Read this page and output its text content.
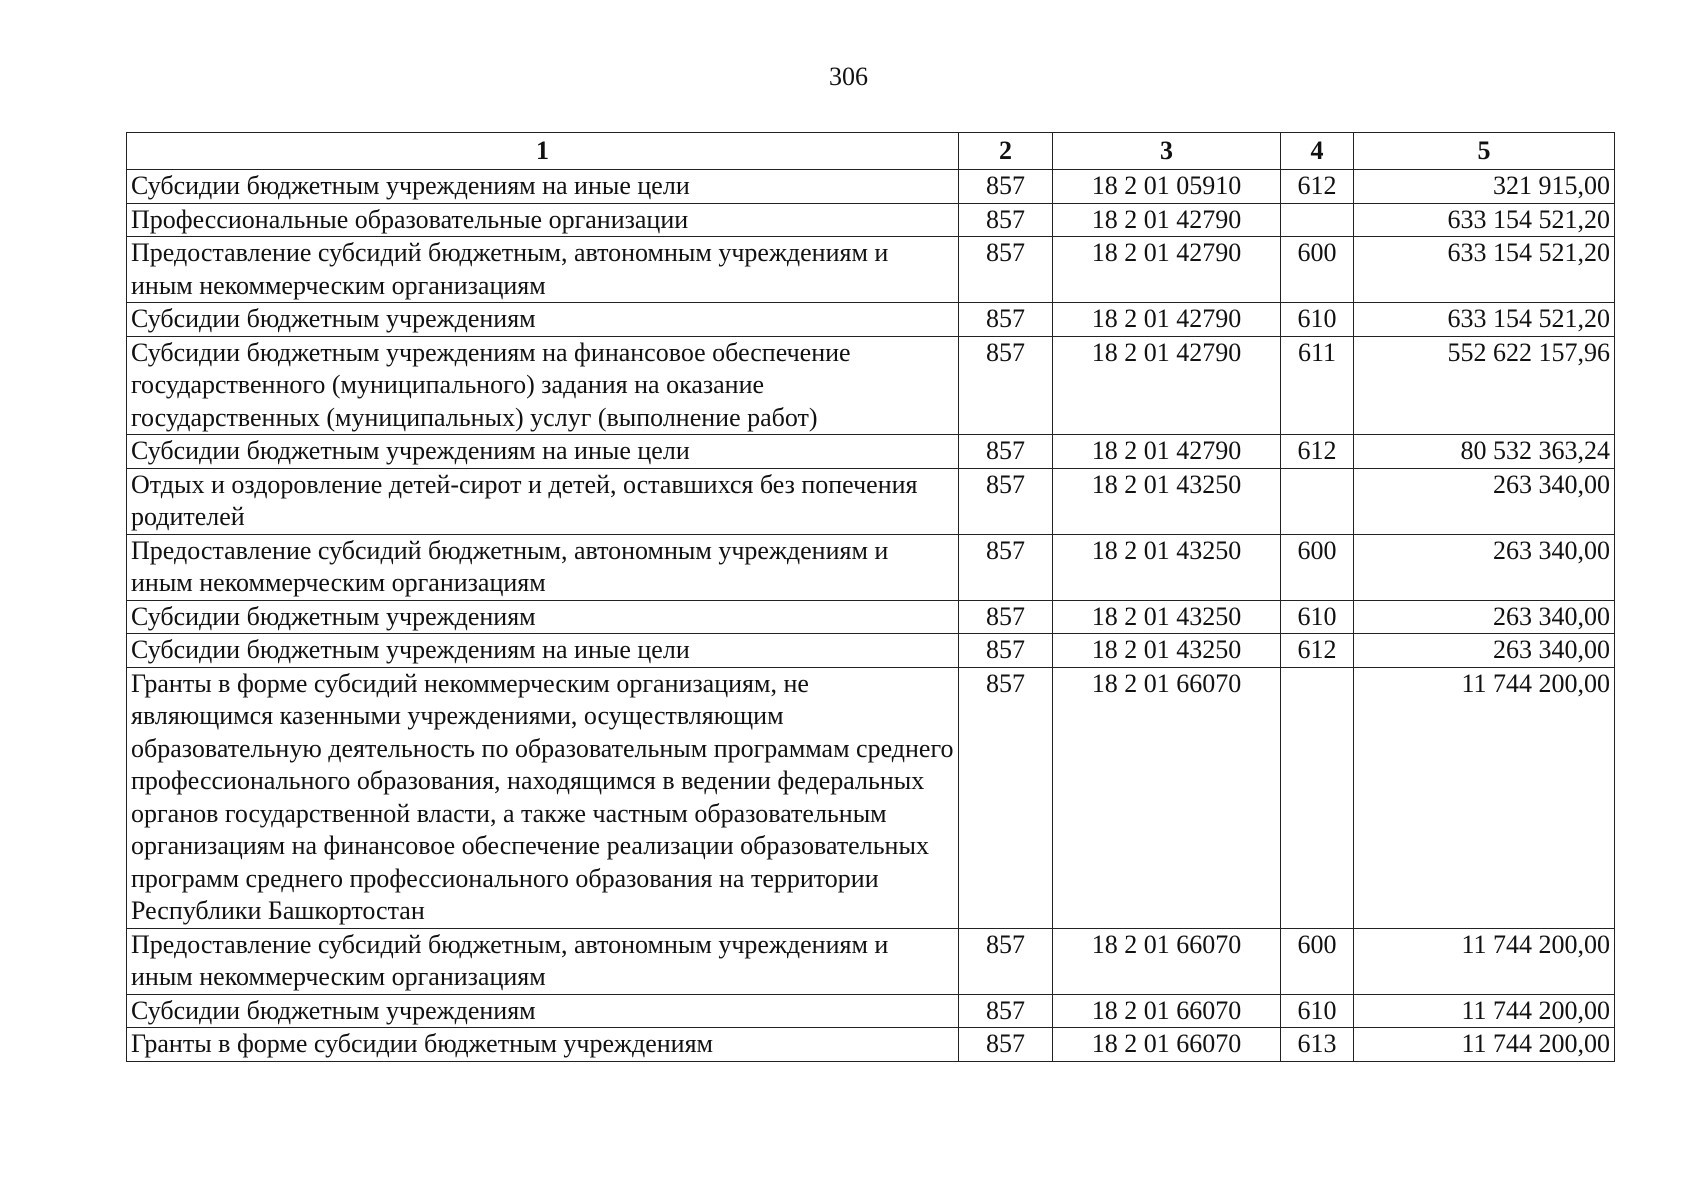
306
1	2	3	4	5
Субсидии бюджетным учреждениям на иные цели	857	18 2 01 05910	612	321 915,00
Профессиональные образовательные организации	857	18 2 01 42790		633 154 521,20
Предоставление субсидий бюджетным, автономным учреждениям и иным некоммерческим организациям	857	18 2 01 42790	600	633 154 521,20
Субсидии бюджетным учреждениям	857	18 2 01 42790	610	633 154 521,20
Субсидии бюджетным учреждениям на финансовое обеспечение государственного (муниципального) задания на оказание государственных (муниципальных) услуг (выполнение работ)	857	18 2 01 42790	611	552 622 157,96
Субсидии бюджетным учреждениям на иные цели	857	18 2 01 42790	612	80 532 363,24
Отдых и оздоровление детей-сирот и детей, оставшихся без попечения родителей	857	18 2 01 43250		263 340,00
Предоставление субсидий бюджетным, автономным учреждениям и иным некоммерческим организациям	857	18 2 01 43250	600	263 340,00
Субсидии бюджетным учреждениям	857	18 2 01 43250	610	263 340,00
Субсидии бюджетным учреждениям на иные цели	857	18 2 01 43250	612	263 340,00
Гранты в форме субсидий некоммерческим организациям, не являющимся казенными учреждениями, осуществляющим образовательную деятельность по образовательным программам среднего профессионального образования, находящимся в ведении федеральных органов государственной власти, а также частным образовательным организациям на финансовое обеспечение реализации образовательных программ среднего профессионального образования на территории Республики Башкортостан	857	18 2 01 66070		11 744 200,00
Предоставление субсидий бюджетным, автономным учреждениям и иным некоммерческим организациям	857	18 2 01 66070	600	11 744 200,00
Субсидии бюджетным учреждениям	857	18 2 01 66070	610	11 744 200,00
Гранты в форме субсидии бюджетным учреждениям	857	18 2 01 66070	613	11 744 200,00
